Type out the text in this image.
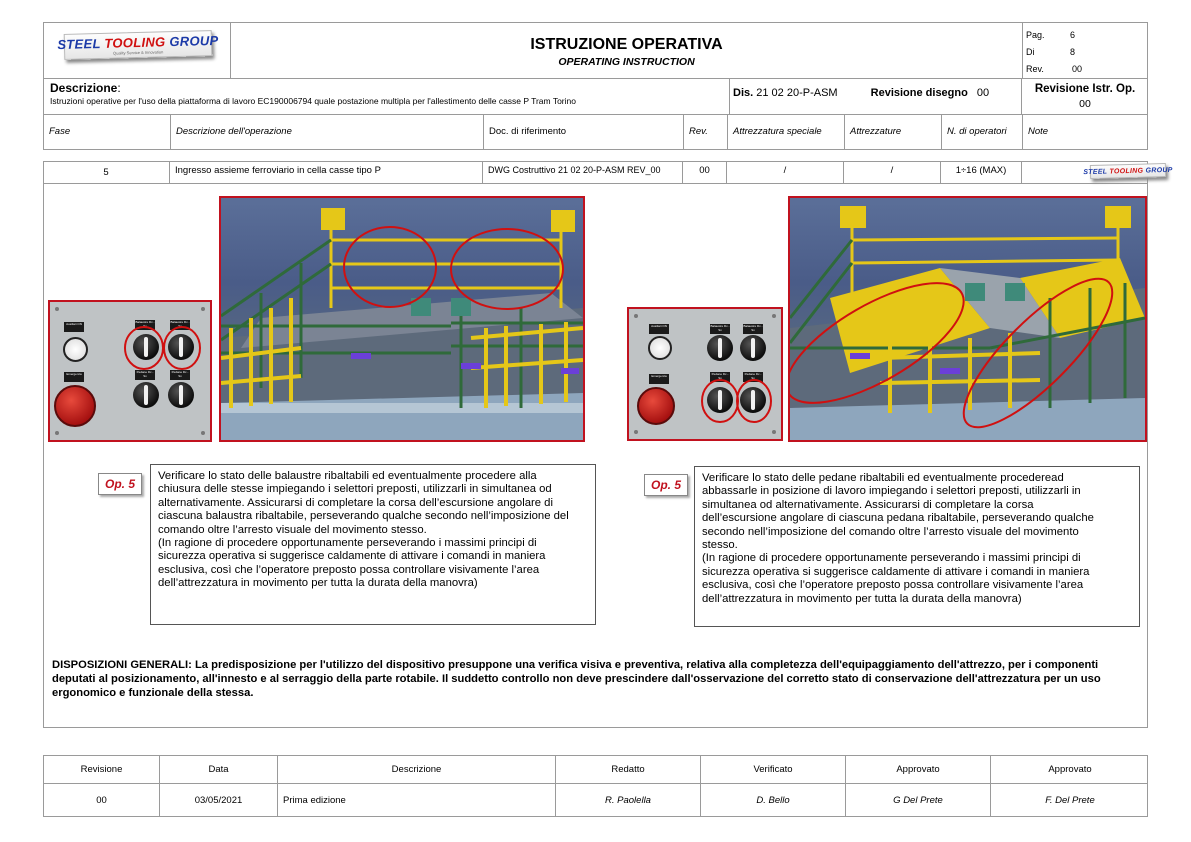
STEEL TOOLING GROUP
Quality Service & Innovation	ISTRUZIONE OPERATIVA
OPERATING INSTRUCTION
Pag.	6
Di	8
Rev.	00
Descrizione:
Istruzioni operative per l'uso della piattaforma di lavoro EC190006794 quale postazione multipla per l'allestimento delle casse P Tram Torino
Dis. 21 02 20-P-ASM	Revisione disegno 00	Revisione Istr. Op.
00
Fase	Descrizione dell'operazione	Doc. di riferimento	Rev.	Attrezzatura speciale	Attrezzature	N. di operatori	Note
5	Ingresso assieme ferroviario in cella casse tipo P	DWG Costruttivo 21 02 20-P-ASM REV_00	00	/	/	1÷16 (MAX)	STEEL TOOLING GROUP
Ausiliari ON
Emergenza
Balaustre Dx - Sx
Balaustre Dx - Sx
Pedane Dx - Sx
Pedane Dx - Sx
Ausiliari ON
Emergenza
Balaustre Dx - Sx
Balaustre Dx - Sx
Pedane Dx - Sx
Pedane Dx - Sx
Op. 5
Verificare lo stato delle balaustre ribaltabili ed eventualmente procedere alla
chiusura delle stesse impiegando i selettori preposti, utilizzarli in simultanea od
alternativamente. Assicurarsi di completare la corsa dell’escursione angolare di
ciascuna balaustra ribaltabile, perseverando qualche secondo nell’imposizione del
comando oltre l’arresto visuale del movimento stesso.
(In ragione di procedere opportunamente perseverando i massimi principi di
sicurezza operativa si suggerisce caldamente di attivare i comandi in maniera
esclusiva, così che l’operatore preposto possa controllare visivamente l’area
dell’attrezzatura in movimento per tutta la durata della manovra)
Op. 5	Verificare lo stato delle pedane ribaltabili ed eventualmente procederead
abbassarle in posizione di lavoro impiegando i selettori preposti, utilizzarli in
simultanea od alternativamente. Assicurarsi di completare la corsa
dell’escursione angolare di ciascuna pedana ribaltabile, perseverando qualche
secondo nell’imposizione del comando oltre l’arresto visuale del movimento
stesso.
(In ragione di procedere opportunamente perseverando i massimi principi di
sicurezza operativa si suggerisce caldamente di attivare i comandi in maniera
esclusiva, così che l’operatore preposto possa controllare visivamente l’area
dell’attrezzatura in movimento per tutta la durata della manovra)
DISPOSIZIONI GENERALI: La predisposizione per l'utilizzo del dispositivo presuppone una verifica visiva e preventiva, relativa alla completezza dell'equipaggiamento dell'attrezzo, per i componenti deputati al posizionamento, all'innesto e al serraggio della parte rotabile. Il suddetto controllo non deve prescindere dall'osservazione del corretto stato di conservazione dell'attrezzatura per un uso ergonomico e funzionale della stessa.
Revisione	Data	Descrizione	Redatto	Verificato	Approvato	Approvato
00	03/05/2021	Prima edizione	R. Paolella	D. Bello	G Del Prete	F. Del Prete
